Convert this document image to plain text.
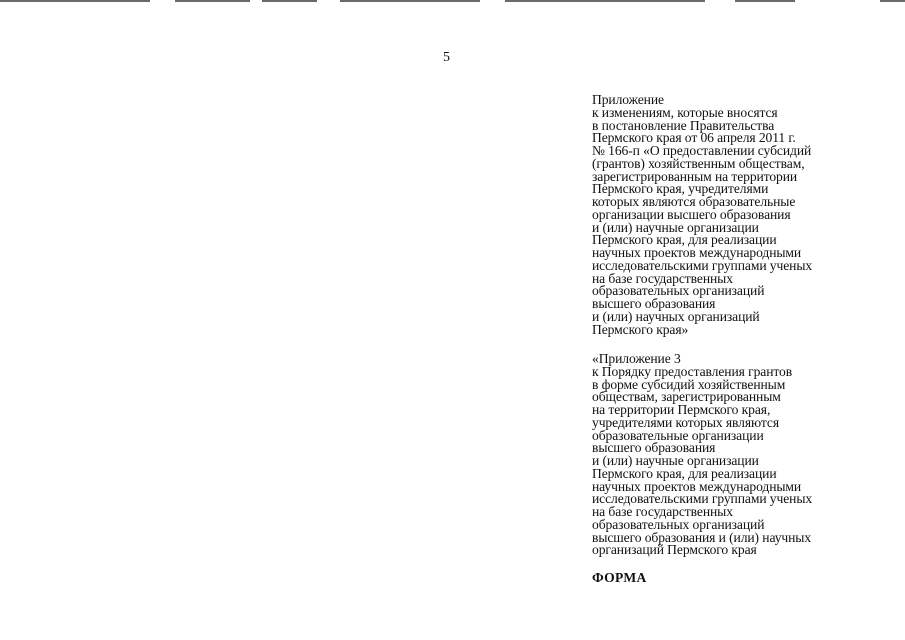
5
Приложение
к изменениям, которые вносятся
в постановление Правительства
Пермского края от 06 апреля 2011 г.
№ 166-п «О предоставлении субсидий
(грантов) хозяйственным обществам,
зарегистрированным на территории
Пермского края, учредителями
которых являются образовательные
организации высшего образования
и (или) научные организации
Пермского края, для реализации
научных проектов международными
исследовательскими группами ученых
на базе государственных
образовательных организаций
высшего образования
и (или) научных организаций
Пермского края»
«Приложение 3
к Порядку предоставления грантов
в форме субсидий хозяйственным
обществам, зарегистрированным
на территории Пермского края,
учредителями которых являются
образовательные организации
высшего образования
и (или) научные организации
Пермского края, для реализации
научных проектов международными
исследовательскими группами ученых
на базе государственных
образовательных организаций
высшего образования и (или) научных
организаций Пермского края
ФОРМА
